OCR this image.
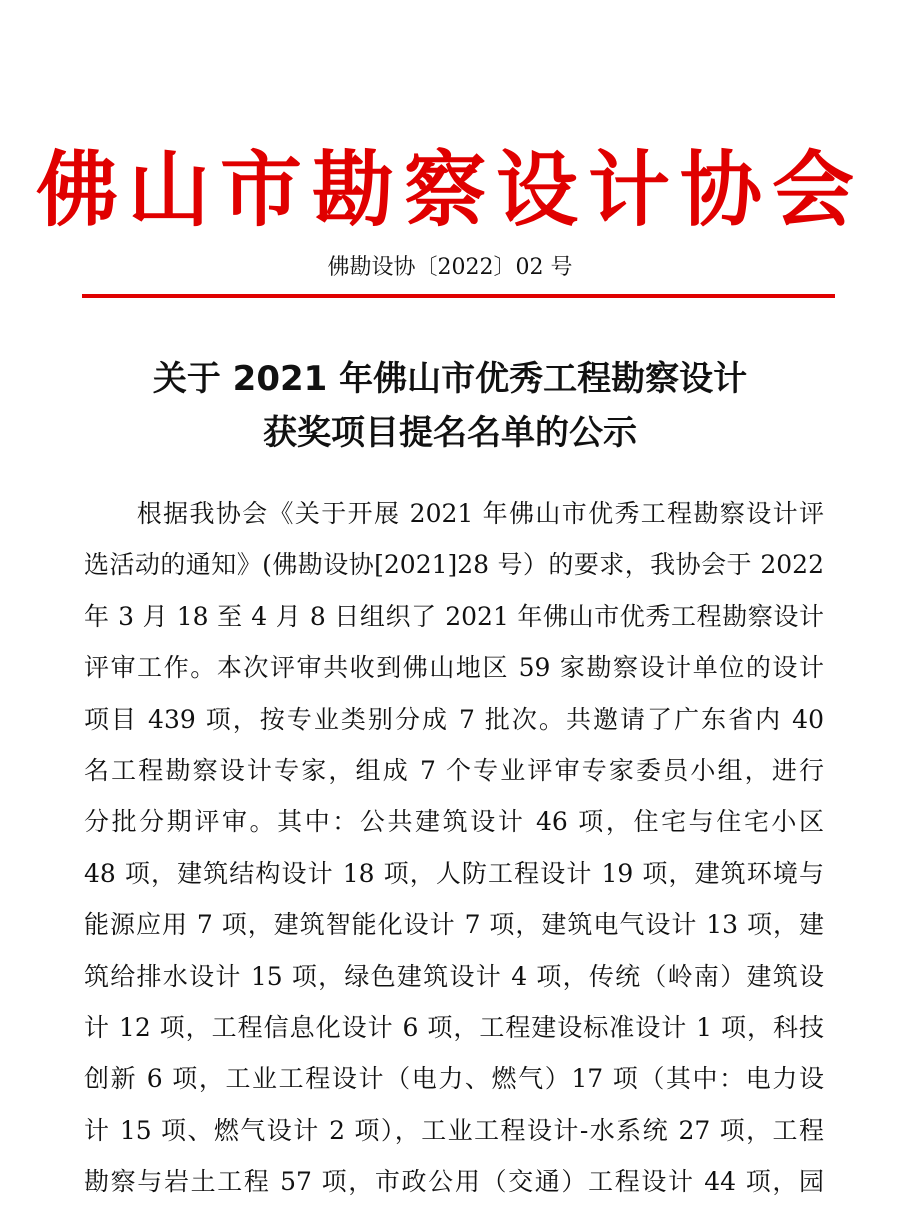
佛山市勘察设计协会
佛勘设协〔2022〕02 号
关于 2021 年佛山市优秀工程勘察设计
获奖项目提名名单的公示
　　根据我协会《关于开展 2021 年佛山市优秀工程勘察设计评
选活动的通知》(佛勘设协[2021]28 号）的要求，我协会于 2022
年 3 月 18 至 4 月 8 日组织了 2021 年佛山市优秀工程勘察设计
评审工作。本次评审共收到佛山地区 59 家勘察设计单位的设计
项目 439 项，按专业类别分成 7 批次。共邀请了广东省内 40
名工程勘察设计专家，组成 7 个专业评审专家委员小组，进行
分批分期评审。其中：公共建筑设计 46 项，住宅与住宅小区
48 项，建筑结构设计 18 项，人防工程设计 19 项，建筑环境与
能源应用 7 项，建筑智能化设计 7 项，建筑电气设计 13 项，建
筑给排水设计 15 项，绿色建筑设计 4 项，传统（岭南）建筑设
计 12 项，工程信息化设计 6 项，工程建设标准设计 1 项，科技
创新 6 项，工业工程设计（电力、燃气）17 项（其中：电力设
计 15 项、燃气设计 2 项），工业工程设计-水系统 27 项，工程
勘察与岩土工程 57 项，市政公用（交通）工程设计 44 项，园
